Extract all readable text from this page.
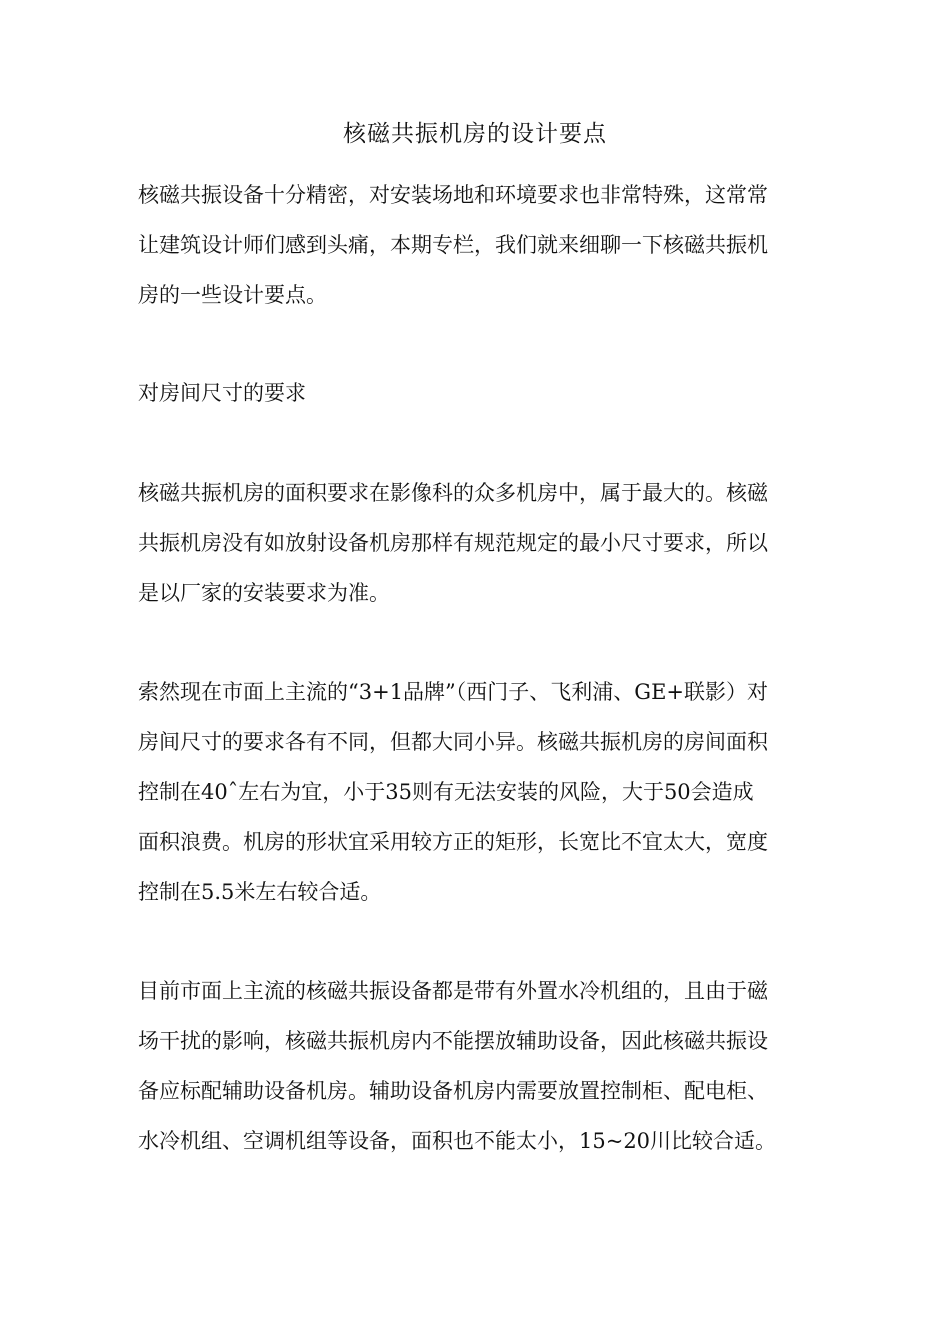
核磁共振机房的设计要点
核磁共振设备十分精密，对安装场地和环境要求也非常特殊，这常常
让建筑设计师们感到头痛，本期专栏，我们就来细聊一下核磁共振机
房的一些设计要点。
对房间尺寸的要求
核磁共振机房的面积要求在影像科的众多机房中，属于最大的。核磁
共振机房没有如放射设备机房那样有规范规定的最小尺寸要求，所以
是以厂家的安装要求为准。
索然现在市面上主流的“3+1品牌”（西门子、飞利浦、GE+联影）对
房间尺寸的要求各有不同，但都大同小异。核磁共振机房的房间面积
控制在40ˆ左右为宜，小于35则有无法安装的风险，大于50会造成
面积浪费。机房的形状宜采用较方正的矩形，长宽比不宜太大，宽度
控制在5.5米左右较合适。
目前市面上主流的核磁共振设备都是带有外置水冷机组的，且由于磁
场干扰的影响，核磁共振机房内不能摆放辅助设备，因此核磁共振设
备应标配辅助设备机房。辅助设备机房内需要放置控制柜、配电柜、
水冷机组、空调机组等设备，面积也不能太小，15~20川比较合适。
